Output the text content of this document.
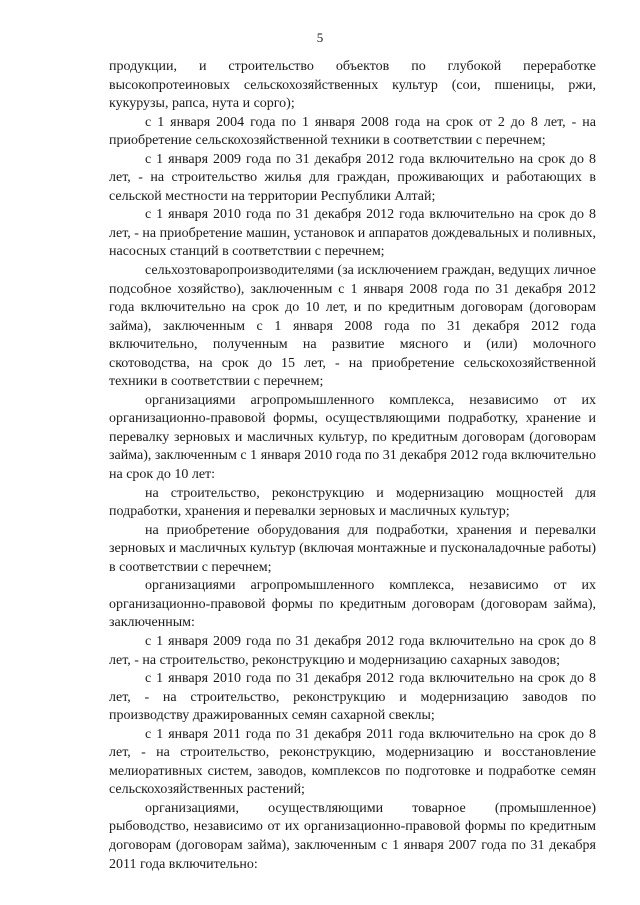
5

продукции, и строительство объектов по глубокой переработке высокопротеиновых сельскохозяйственных культур (сои, пшеницы, ржи, кукурузы, рапса, нута и сорго);

с 1 января 2004 года по 1 января 2008 года на срок от 2 до 8 лет, - на приобретение сельскохозяйственной техники в соответствии с перечнем;

с 1 января 2009 года по 31 декабря 2012 года включительно на срок до 8 лет, - на строительство жилья для граждан, проживающих и работающих в сельской местности на территории Республики Алтай;

с 1 января 2010 года по 31 декабря 2012 года включительно на срок до 8 лет, - на приобретение машин, установок и аппаратов дождевальных и поливных, насосных станций в соответствии с перечнем;

сельхозтоваропроизводителями (за исключением граждан, ведущих личное подсобное хозяйство), заключенным с 1 января 2008 года по 31 декабря 2012 года включительно на срок до 10 лет, и по кредитным договорам (договорам займа), заключенным с 1 января 2008 года по 31 декабря 2012 года включительно, полученным на развитие мясного и (или) молочного скотоводства, на срок до 15 лет, - на приобретение сельскохозяйственной техники в соответствии с перечнем;

организациями агропромышленного комплекса, независимо от их организационно-правовой формы, осуществляющими подработку, хранение и перевалку зерновых и масличных культур, по кредитным договорам (договорам займа), заключенным с 1 января 2010 года по 31 декабря 2012 года включительно на срок до 10 лет:

на строительство, реконструкцию и модернизацию мощностей для подработки, хранения и перевалки зерновых и масличных культур;

на приобретение оборудования для подработки, хранения и перевалки зерновых и масличных культур (включая монтажные и пусконаладочные работы) в соответствии с перечнем;

организациями агропромышленного комплекса, независимо от их организационно-правовой формы по кредитным договорам (договорам займа), заключенным:

с 1 января 2009 года по 31 декабря 2012 года включительно на срок до 8 лет, - на строительство, реконструкцию и модернизацию сахарных заводов;

с 1 января 2010 года по 31 декабря 2012 года включительно на срок до 8 лет, - на строительство, реконструкцию и модернизацию заводов по производству дражированных семян сахарной свеклы;

с 1 января 2011 года по 31 декабря 2011 года включительно на срок до 8 лет, - на строительство, реконструкцию, модернизацию и восстановление мелиоративных систем, заводов, комплексов по подготовке и подработке семян сельскохозяйственных растений;

организациями, осуществляющими товарное (промышленное) рыбоводство, независимо от их организационно-правовой формы по кредитным договорам (договорам займа), заключенным с 1 января 2007 года по 31 декабря 2011 года включительно:
